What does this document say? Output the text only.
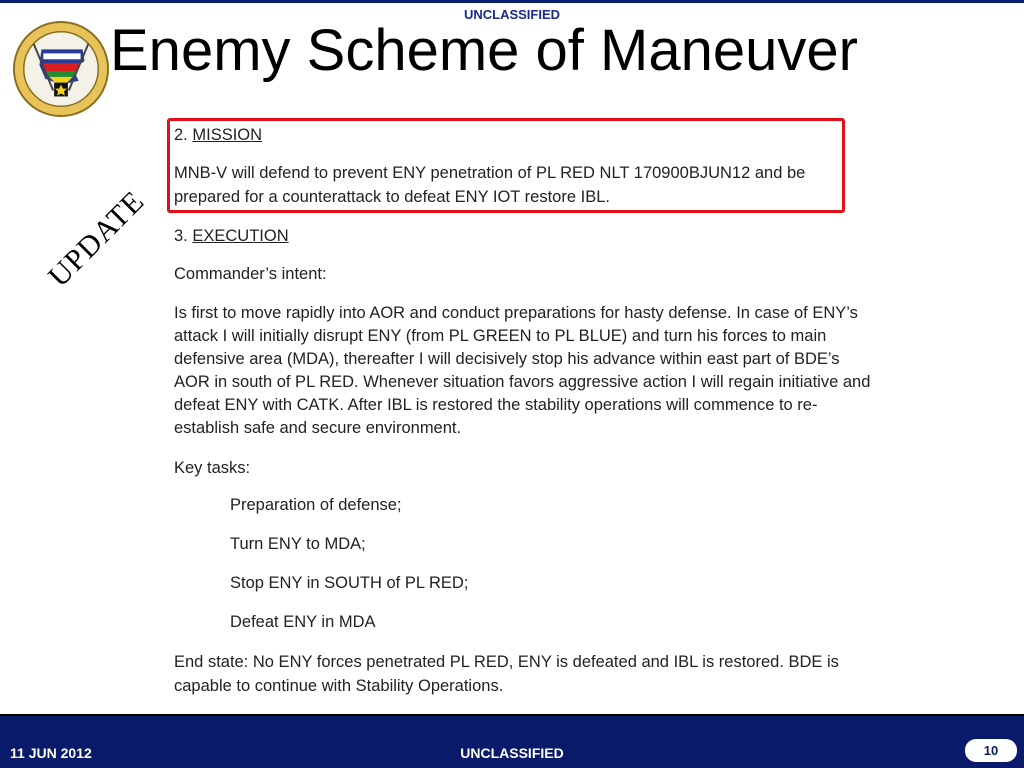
UNCLASSIFIED
Enemy Scheme of Maneuver
2. MISSION
MNB-V will defend to prevent ENY penetration of PL RED NLT 170900BJUN12 and be
prepared for a counterattack to defeat ENY IOT restore IBL.
3. EXECUTION
Commander’s intent:
Is first to move rapidly into AOR and conduct preparations for hasty defense. In case of ENY’s
attack I will initially disrupt ENY (from PL GREEN to PL BLUE) and turn his forces to main
defensive area (MDA), thereafter I will decisively stop his advance within east part of BDE’s
AOR in south of PL RED. Whenever situation favors aggressive action I will regain initiative and
defeat ENY with CATK. After IBL is restored the stability operations will commence to re-
establish safe and secure environment.
Key tasks:
Preparation of defense;
Turn ENY to MDA;
Stop ENY in SOUTH of PL RED;
Defeat ENY in MDA
End state: No ENY forces penetrated PL RED, ENY is defeated and IBL is restored. BDE is
capable to continue with Stability Operations.
UPDATE
11 JUN 2012	UNCLASSIFIED	10
